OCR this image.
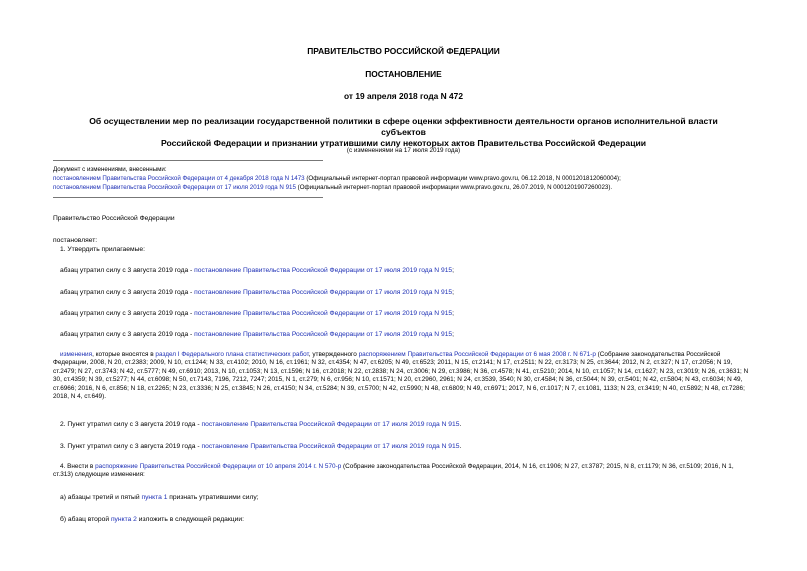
ПРАВИТЕЛЬСТВО РОССИЙСКОЙ ФЕДЕРАЦИИ
ПОСТАНОВЛЕНИЕ
от 19 апреля 2018 года N 472
Об осуществлении мер по реализации государственной политики в сфере оценки эффективности деятельности органов исполнительной власти субъектов
Российской Федерации и признании утратившими силу некоторых актов Правительства Российской Федерации
(с изменениями на 17 июля 2019 года)
Документ с изменениями, внесенными:
постановлением Правительства Российской Федерации от 4 декабря 2018 года N 1473 (Официальный интернет-портал правовой информации www.pravo.gov.ru, 06.12.2018, N 0001201812060004);
постановлением Правительства Российской Федерации от 17 июля 2019 года N 915 (Официальный интернет-портал правовой информации www.pravo.gov.ru, 26.07.2019, N 0001201907260023).
Правительство Российской Федерации
постановляет:
1. Утвердить прилагаемые:
абзац утратил силу с 3 августа 2019 года - постановление Правительства Российской Федерации от 17 июля 2019 года N 915;
абзац утратил силу с 3 августа 2019 года - постановление Правительства Российской Федерации от 17 июля 2019 года N 915;
абзац утратил силу с 3 августа 2019 года - постановление Правительства Российской Федерации от 17 июля 2019 года N 915;
абзац утратил силу с 3 августа 2019 года - постановление Правительства Российской Федерации от 17 июля 2019 года N 915;
изменения, которые вносятся в раздел I Федерального плана статистических работ, утвержденного распоряжением Правительства Российской Федерации от 6 мая 2008 г. N 671-р (Собрание законодательства Российской Федерации, 2008, N 20, ст.2383; 2009, N 10, ст.1244; N 33, ст.4102; 2010, N 16, ст.1961; N 32, ст.4354; N 47, ст.6205; N 49, ст.6523; 2011, N 15, ст.2141; N 17, ст.2511; N 22, ст.3173; N 25, ст.3644; 2012, N 2, ст.327; N 17, ст.2056; N 19, ст.2479; N 27, ст.3743; N 42, ст.5777; N 49, ст.6910; 2013, N 10, ст.1053; N 13, ст.1596; N 16, ст.2018; N 22, ст.2838; N 24, ст.3006; N 29, ст.3986; N 36, ст.4578; N 41, ст.5210; 2014, N 10, ст.1057; N 14, ст.1627; N 23, ст.3019; N 26, ст.3631; N 30, ст.4359; N 39, ст.5277; N 44, ст.6098; N 50, ст.7143, 7196, 7212, 7247; 2015, N 1, ст.279; N 6, ст.956; N 10, ст.1571; N 20, ст.2960, 2961; N 24, ст.3539, 3540; N 30, ст.4584; N 36, ст.5044; N 39, ст.5401; N 42, ст.5804; N 43, ст.6034; N 49, ст.6966; 2016, N 6, ст.856; N 18, ст.2265; N 23, ст.3336; N 25, ст.3845; N 26, ст.4150; N 34, ст.5284; N 39, ст.5700; N 42, ст.5990; N 48, ст.6809; N 49, ст.6971; 2017, N 6, ст.1017; N 7, ст.1081, 1133; N 23, ст.3419; N 40, ст.5892; N 48, ст.7286; 2018, N 4, ст.649).
2. Пункт утратил силу с 3 августа 2019 года - постановление Правительства Российской Федерации от 17 июля 2019 года N 915.
3. Пункт утратил силу с 3 августа 2019 года - постановление Правительства Российской Федерации от 17 июля 2019 года N 915.
4. Внести в распоряжение Правительства Российской Федерации от 10 апреля 2014 г. N 570-р (Собрание законодательства Российской Федерации, 2014, N 16, ст.1906; N 27, ст.3787; 2015, N 8, ст.1179; N 36, ст.5109; 2016, N 1, ст.313) следующие изменения:
а) абзацы третий и пятый пункта 1 признать утратившими силу;
б) абзац второй пункта 2 изложить в следующей редакции:
